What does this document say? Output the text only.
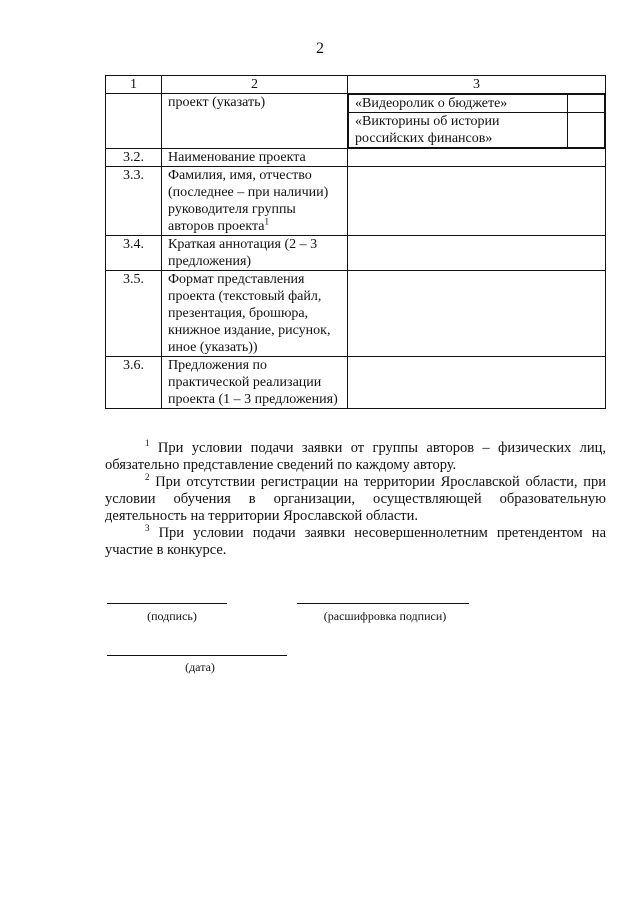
2
1	2	3
	проект (указать)		«Видеоролик о бюджете»	
«Викторины об истории российских финансов»	

3.2.	Наименование проекта	
3.3.	Фамилия, имя, отчество (последнее – при наличии) руководителя группы авторов проекта$^1$	
3.4.	Краткая аннотация (2 – 3 предложения)	
3.5.	Формат представления проекта (текстовый файл, презентация, брошюра, книжное издание, рисунок, иное (указать))	
3.6.	Предложения по практической реализации проекта (1 – 3 предложения)	

$^1$ При условии подачи заявки от группы авторов – физических лиц, обязательно представление сведений по каждому автору.

$^2$ При отсутствии регистрации на территории Ярославской области, при условии обучения в организации, осуществляющей образовательную деятельность на территории Ярославской области.

$^3$ При условии подачи заявки несовершеннолетним претендентом на участие в конкурсе.

(подпись)	(расшифровка подписи)
(дата)
